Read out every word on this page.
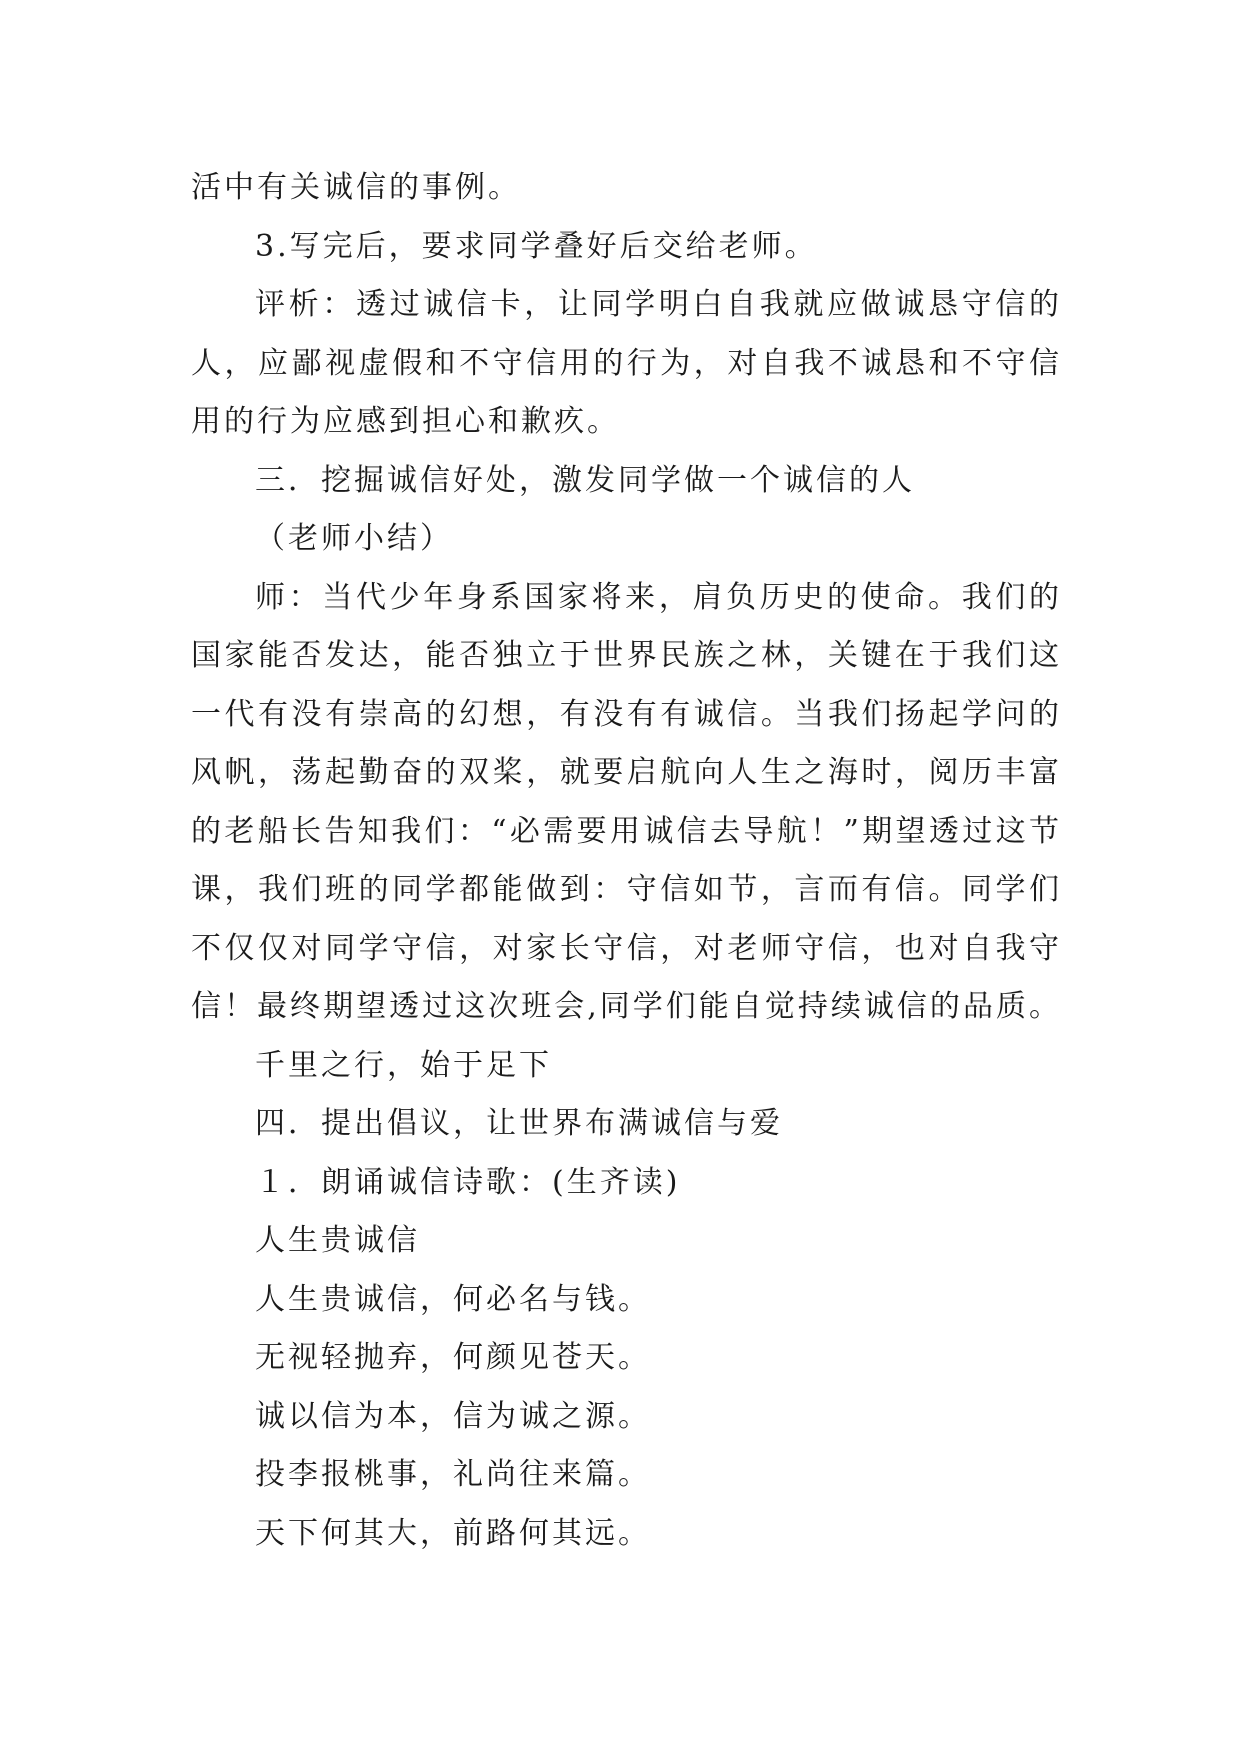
活中有关诚信的事例。
3.写完后，要求同学叠好后交给老师。
评析：透过诚信卡，让同学明白自我就应做诚恳守信的
人，应鄙视虚假和不守信用的行为，对自我不诚恳和不守信
用的行为应感到担心和歉疚。
三．挖掘诚信好处，激发同学做一个诚信的人
（老师小结）
师：当代少年身系国家将来，肩负历史的使命。我们的
国家能否发达，能否独立于世界民族之林，关键在于我们这
一代有没有崇高的幻想，有没有有诚信。当我们扬起学问的
风帆，荡起勤奋的双桨，就要启航向人生之海时，阅历丰富
的老船长告知我们：“必需要用诚信去导航！”期望透过这节
课，我们班的同学都能做到：守信如节，言而有信。同学们
不仅仅对同学守信，对家长守信，对老师守信，也对自我守
信！最终期望透过这次班会,同学们能自觉持续诚信的品质。
千里之行，始于足下
四．提出倡议，让世界布满诚信与爱
１．朗诵诚信诗歌：(生齐读)
人生贵诚信
人生贵诚信，何必名与钱。
无视轻抛弃，何颜见苍天。
诚以信为本，信为诚之源。
投李报桃事，礼尚往来篇。
天下何其大，前路何其远。
